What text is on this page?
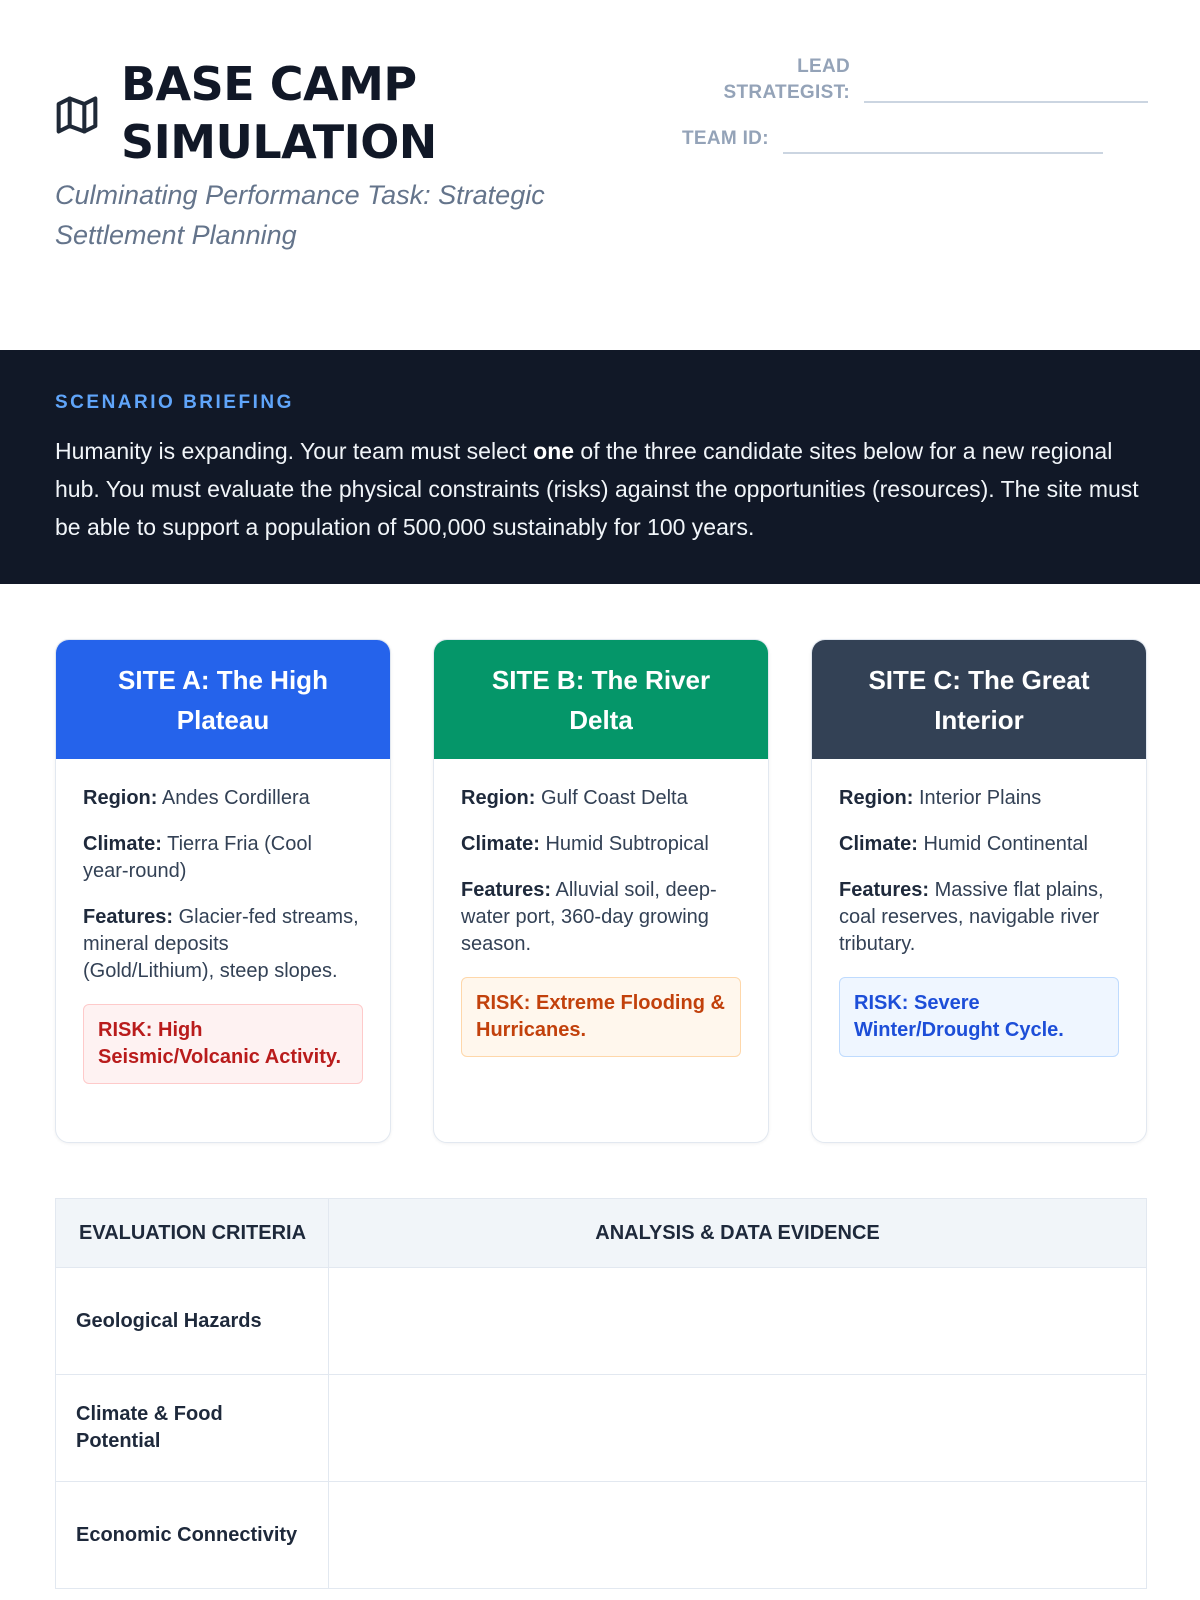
BASE CAMP SIMULATION
Culminating Performance Task: Strategic Settlement Planning
LEAD STRATEGIST:
TEAM ID:
SCENARIO BRIEFING

Humanity is expanding. Your team must select one of the three candidate sites below for a new regional hub. You must evaluate the physical constraints (risks) against the opportunities (resources). The site must be able to support a population of 500,000 sustainably for 100 years.

SITE A: The High Plateau
Region: Andes Cordillera
Climate: Tierra Fria (Cool year-round)
Features: Glacier-fed streams, mineral deposits (Gold/Lithium), steep slopes.
RISK: High Seismic/Volcanic Activity.
SITE B: The River Delta
Region: Gulf Coast Delta
Climate: Humid Subtropical
Features: Alluvial soil, deep-water port, 360-day growing season.
RISK: Extreme Flooding & Hurricanes.
SITE C: The Great Interior
Region: Interior Plains
Climate: Humid Continental
Features: Massive flat plains, coal reserves, navigable river tributary.
RISK: Severe Winter/Drought Cycle.
EVALUATION CRITERIA	ANALYSIS & DATA EVIDENCE
Geological Hazards	
Climate & Food Potential	
Economic Connectivity	
